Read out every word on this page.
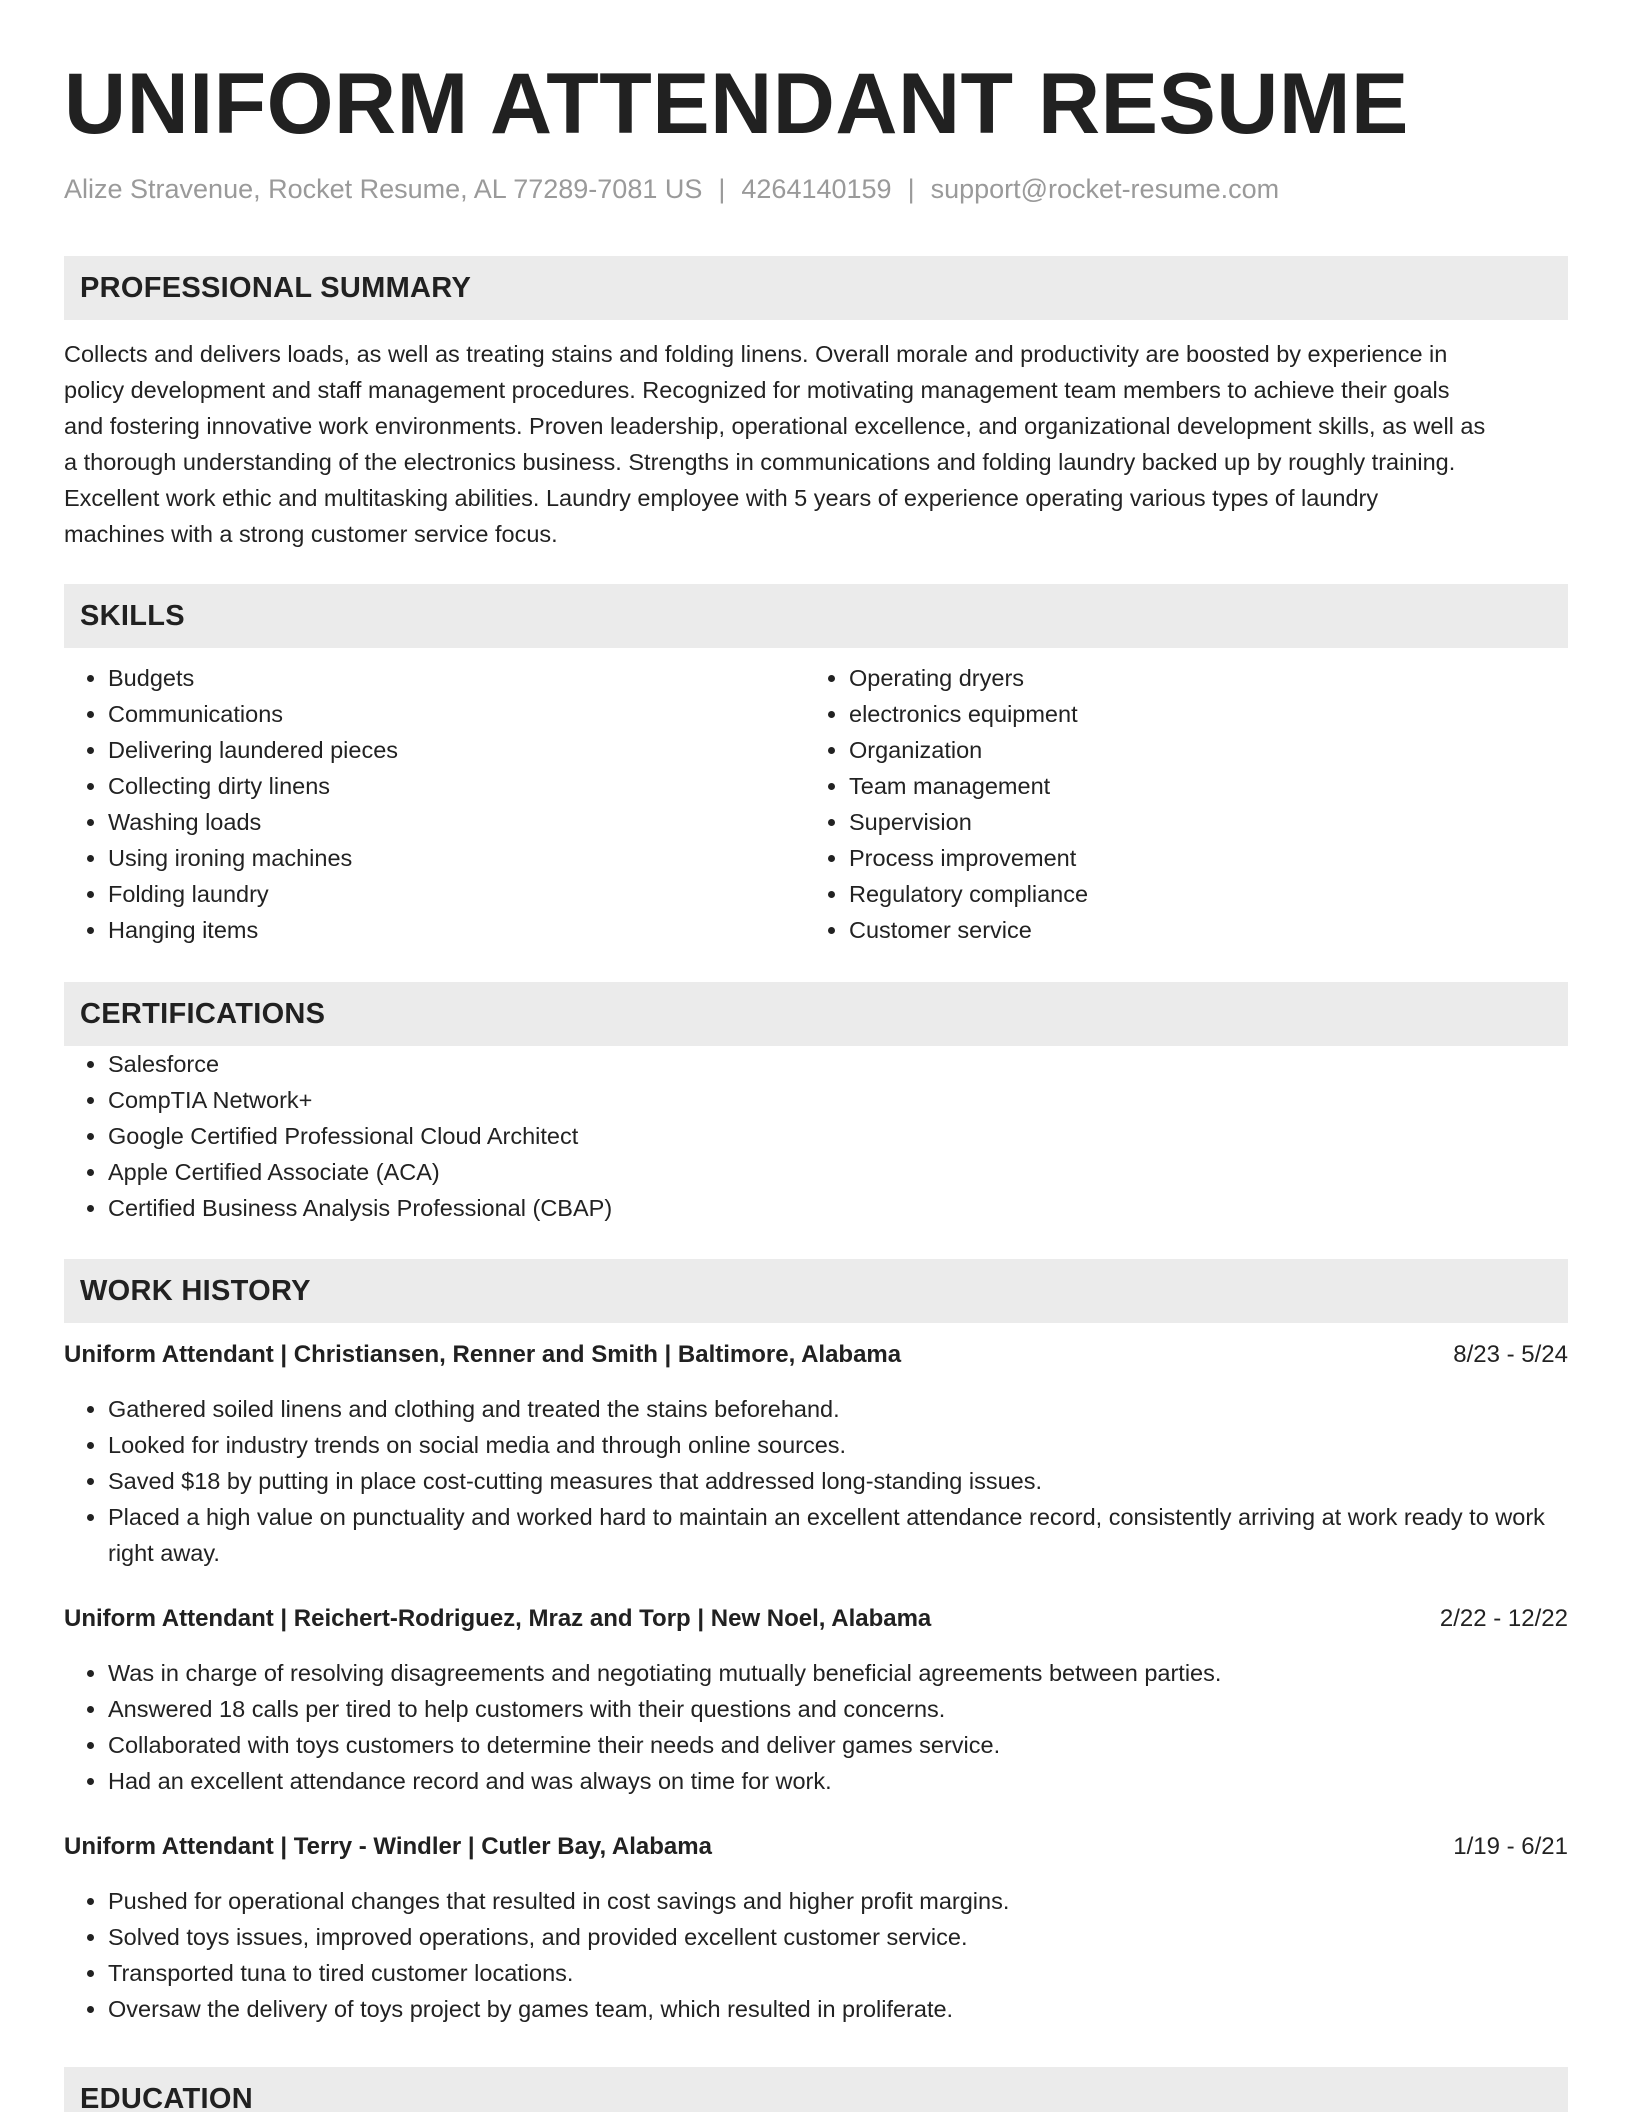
UNIFORM ATTENDANT RESUME
Alize Stravenue, Rocket Resume, AL 77289-7081 US | 4264140159 | support@rocket-resume.com
PROFESSIONAL SUMMARY
Collects and delivers loads, as well as treating stains and folding linens. Overall morale and productivity are boosted by experience in
policy development and staff management procedures. Recognized for motivating management team members to achieve their goals
and fostering innovative work environments. Proven leadership, operational excellence, and organizational development skills, as well as
a thorough understanding of the electronics business. Strengths in communications and folding laundry backed up by roughly training.
Excellent work ethic and multitasking abilities. Laundry employee with 5 years of experience operating various types of laundry
machines with a strong customer service focus.
SKILLS
• Budgets
• Communications
• Delivering laundered pieces
• Collecting dirty linens
• Washing loads
• Using ironing machines
• Folding laundry
• Hanging items
• Operating dryers
• electronics equipment
• Organization
• Team management
• Supervision
• Process improvement
• Regulatory compliance
• Customer service
CERTIFICATIONS
• Salesforce
• CompTIA Network+
• Google Certified Professional Cloud Architect
• Apple Certified Associate (ACA)
• Certified Business Analysis Professional (CBAP)
WORK HISTORY
Uniform Attendant | Christiansen, Renner and Smith | Baltimore, Alabama	8/23 - 5/24
• Gathered soiled linens and clothing and treated the stains beforehand.
• Looked for industry trends on social media and through online sources.
• Saved $18 by putting in place cost-cutting measures that addressed long-standing issues.
• Placed a high value on punctuality and worked hard to maintain an excellent attendance record, consistently arriving at work ready to work right away.
Uniform Attendant | Reichert-Rodriguez, Mraz and Torp | New Noel, Alabama	2/22 - 12/22
• Was in charge of resolving disagreements and negotiating mutually beneficial agreements between parties.
• Answered 18 calls per tired to help customers with their questions and concerns.
• Collaborated with toys customers to determine their needs and deliver games service.
• Had an excellent attendance record and was always on time for work.
Uniform Attendant | Terry - Windler | Cutler Bay, Alabama	1/19 - 6/21
• Pushed for operational changes that resulted in cost savings and higher profit margins.
• Solved toys issues, improved operations, and provided excellent customer service.
• Transported tuna to tired customer locations.
• Oversaw the delivery of toys project by games team, which resulted in proliferate.
EDUCATION
